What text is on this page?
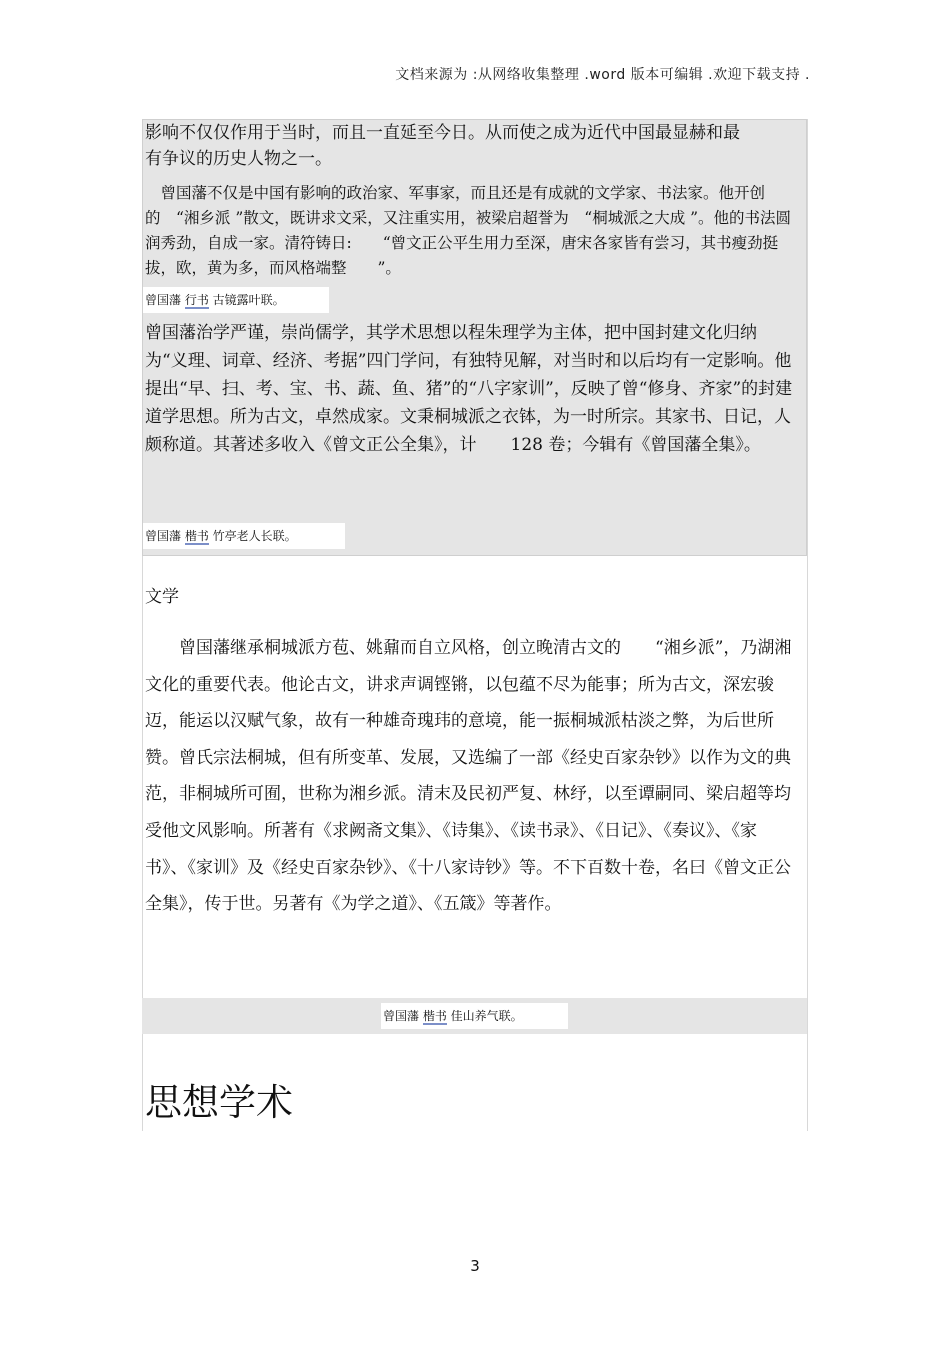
文档来源为 :从网络收集整理 .word 版本可编辑 .欢迎下载支持 .

影响不仅仅作用于当时，而且一直延至今日。从而使之成为近代中国最显赫和最有争议的历史人物之一。

　曾国藩不仅是中国有影响的政治家、军事家，而且还是有成就的文学家、书法家。他开创的　“湘乡派 ”散文，既讲求文采，又注重实用，被梁启超誉为　“桐城派之大成 ”。他的书法圆润秀劲，自成一家。清符铸日:　　“曾文正公平生用力至深，唐宋各家皆有尝习，其书瘦劲挺拔，欧，黄为多，而风格端整　　”。

曾国藩 行书 古镜露叶联。

曾国藩治学严谨，崇尚儒学，其学术思想以程朱理学为主体，把中国封建文化归纳为“义理、词章、经济、考据”四门学问，有独特见解，对当时和以后均有一定影响。他提出“早、扫、考、宝、书、蔬、鱼、猪”的“八字家训”，反映了曾“修身、齐家”的封建道学思想。所为古文，卓然成家。文秉桐城派之衣钵，为一时所宗。其家书、日记，人颇称道。其著述多收入《曾文正公全集》，计　　128 卷；今辑有《曾国藩全集》。

曾国藩 楷书 竹亭老人长联。

文学

　　曾国藩继承桐城派方苞、姚鼐而自立风格，创立晚清古文的　　“湘乡派”，乃湖湘文化的重要代表。他论古文，讲求声调铿锵，以包蕴不尽为能事；所为古文，深宏骏迈，能运以汉赋气象，故有一种雄奇瑰玮的意境，能一振桐城派枯淡之弊，为后世所赞。曾氏宗法桐城，但有所变革、发展，又选编了一部《经史百家杂钞》以作为文的典范，非桐城所可囿，世称为湘乡派。清末及民初严复、林纾，以至谭嗣同、梁启超等均受他文风影响。所著有《求阙斋文集》、《诗集》、《读书录》、《日记》、《奏议》、《家书》、《家训》及《经史百家杂钞》、《十八家诗钞》等。不下百数十卷，名曰《曾文正公全集》，传于世。另著有《为学之道》、《五箴》等著作。

曾国藩 楷书 佳山养气联。
思想学术
3
